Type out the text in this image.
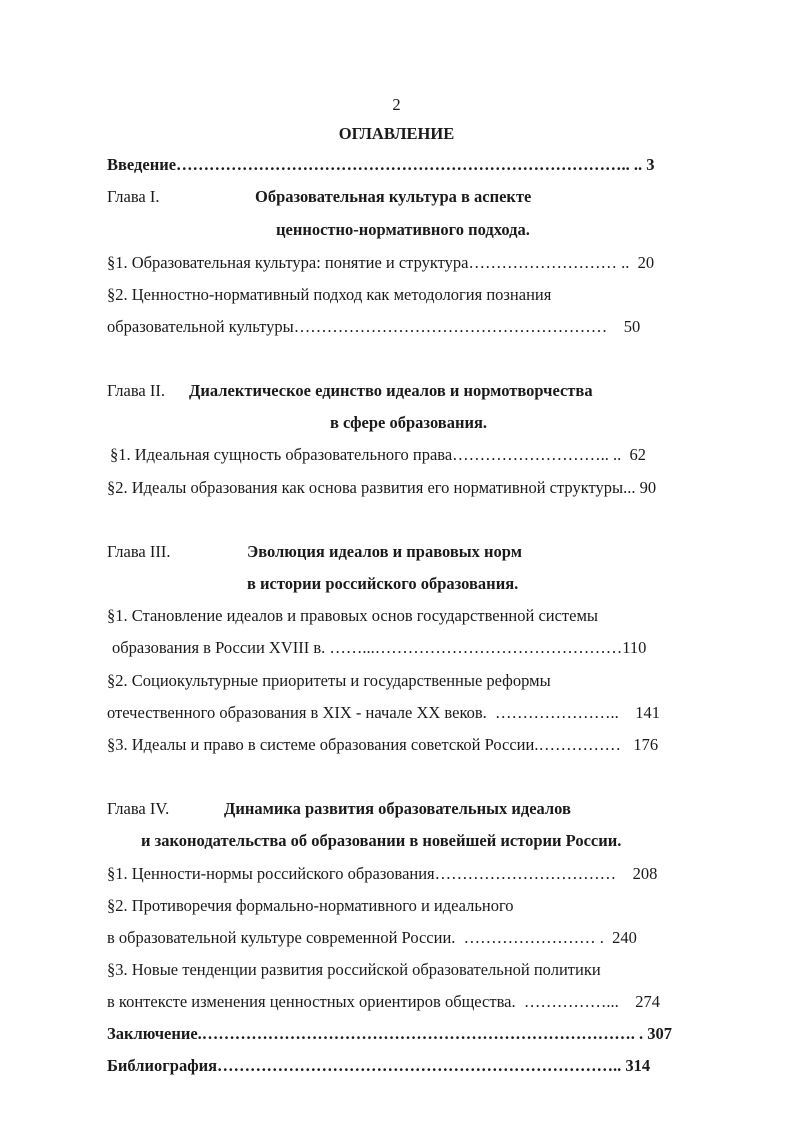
2
ОГЛАВЛЕНИЕ
Введение……………………………………………………………………….. .. 3
Глава I.	Образовательная культура в аспекте
ценностно-нормативного подхода.
§1. Образовательная культура: понятие и структура……………………… ..  20
§2. Ценностно-нормативный подход как методология познания
образовательной культуры…………………………………………………    50
Глава II. Диалектическое единство идеалов и нормотворчества
в сфере образования.
§1. Идеальная сущность образовательного права……………………….. ..  62
§2. Идеалы образования как основа развития его нормативной структуры... 90
Глава III.	Эволюция идеалов и правовых норм
в истории российского образования.
§1. Становление идеалов и правовых основ государственной системы
образования в России XVIII в. ……...………………………………………110
§2. Социокультурные приоритеты и государственные реформы
отечественного образования в XIX - начале XX веков.  …………………..    141
§3. Идеалы и право в системе образования советской России.……………   176
Глава IV.	Динамика развития образовательных идеалов
и законодательства об образовании в новейшей истории России.
§1. Ценности-нормы российского образования……………………………    208
§2. Противоречия формально-нормативного и идеального
в образовательной культуре современной России.  …………………… .  240
§3. Новые тенденции развития российской образовательной политики
в контексте изменения ценностных ориентиров общества.  ……………...    274
Заключение.……………………………………………………………………. . 307
Библиография……………………………………………………………….. 314
